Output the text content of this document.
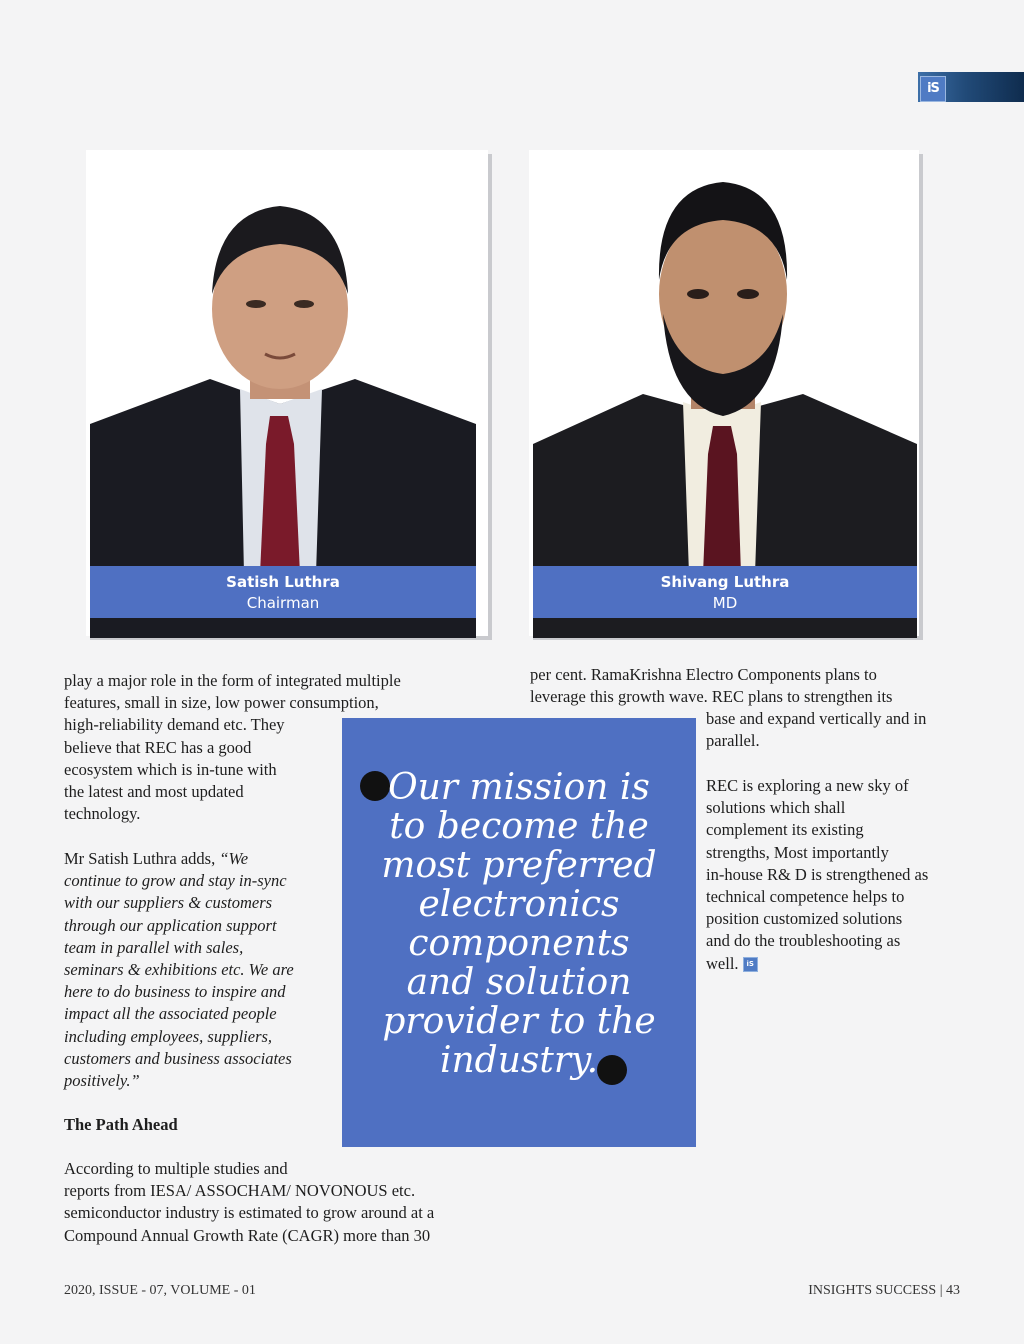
iS
Satish Luthra
Chairman
Shivang Luthra
MD
play a major role in the form of integrated multiple
features, small in size, low power consumption,
high-reliability demand etc. They
believe that REC has a good
ecosystem which is in-tune with
the latest and most updated
technology.
Mr Satish Luthra adds, “We
continue to grow and stay in-sync
with our suppliers & customers
through our application support
team in parallel with sales,
seminars & exhibitions etc. We are
here to do business to inspire and
impact all the associated people
including employees, suppliers,
customers and business associates
positively.”
The Path Ahead
According to multiple studies and
reports from IESA/ ASSOCHAM/ NOVONOUS etc.
semiconductor industry is estimated to grow around at a
Compound Annual Growth Rate (CAGR) more than 30
per cent. RamaKrishna Electro Components plans to
leverage this growth wave. REC plans to strengthen its
base and expand vertically and in
parallel.
REC is exploring a new sky of
solutions which shall
complement its existing
strengths, Most importantly
in-house R& D is strengthened as
technical competence helps to
position customized solutions
and do the troubleshooting as
well. iS
Our mission is
to become the
most preferred
electronics
components
and solution
provider to the
industry.
2020, ISSUE - 07, VOLUME - 01	INSIGHTS SUCCESS | 43
